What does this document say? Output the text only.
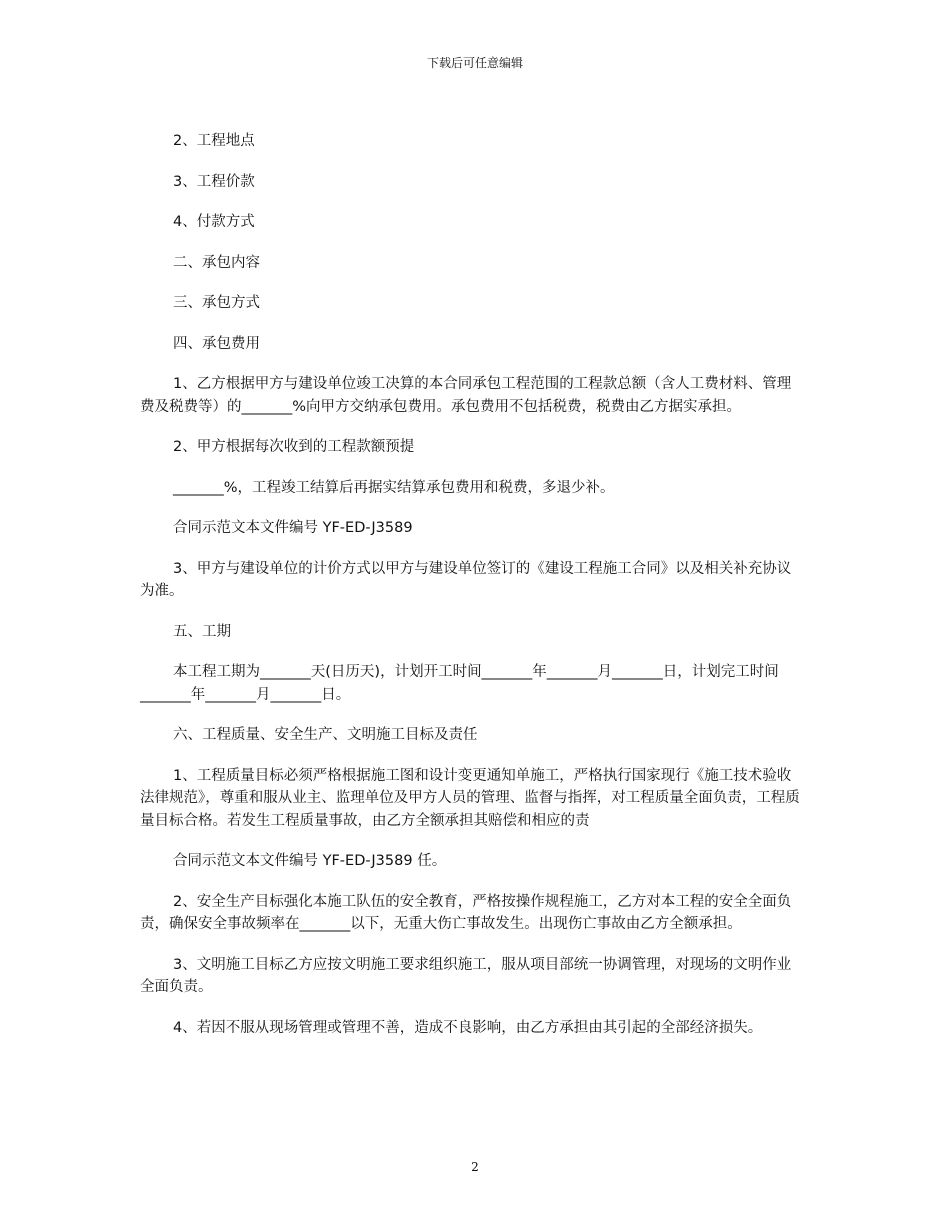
下载后可任意编辑

2、工程地点

3、工程价款

4、付款方式

二、承包内容

三、承包方式

四、承包费用

1、乙方根据甲方与建设单位竣工决算的本合同承包工程范围的工程款总额（含人工费材料、管理费及税费等）的_______%向甲方交纳承包费用。承包费用不包括税费，税费由乙方据实承担。

2、甲方根据每次收到的工程款额预提

_______%，工程竣工结算后再据实结算承包费用和税费，多退少补。

合同示范文本文件编号 YF-ED-J3589

3、甲方与建设单位的计价方式以甲方与建设单位签订的《建设工程施工合同》以及相关补充协议为准。

五、工期

本工程工期为_______天(日历天)，计划开工时间_______年_______月_______日，计划完工时间_______年_______月_______日。

六、工程质量、安全生产、文明施工目标及责任

1、工程质量目标必须严格根据施工图和设计变更通知单施工，严格执行国家现行《施工技术验收法律规范》，尊重和服从业主、监理单位及甲方人员的管理、监督与指挥，对工程质量全面负责，工程质量目标合格。若发生工程质量事故，由乙方全额承担其赔偿和相应的责

合同示范文本文件编号 YF-ED-J3589 任。

2、安全生产目标强化本施工队伍的安全教育，严格按操作规程施工，乙方对本工程的安全全面负责，确保安全事故频率在_______以下，无重大伤亡事故发生。出现伤亡事故由乙方全额承担。

3、文明施工目标乙方应按文明施工要求组织施工，服从项目部统一协调管理，对现场的文明作业全面负责。

4、若因不服从现场管理或管理不善，造成不良影响，由乙方承担由其引起的全部经济损失。

2
